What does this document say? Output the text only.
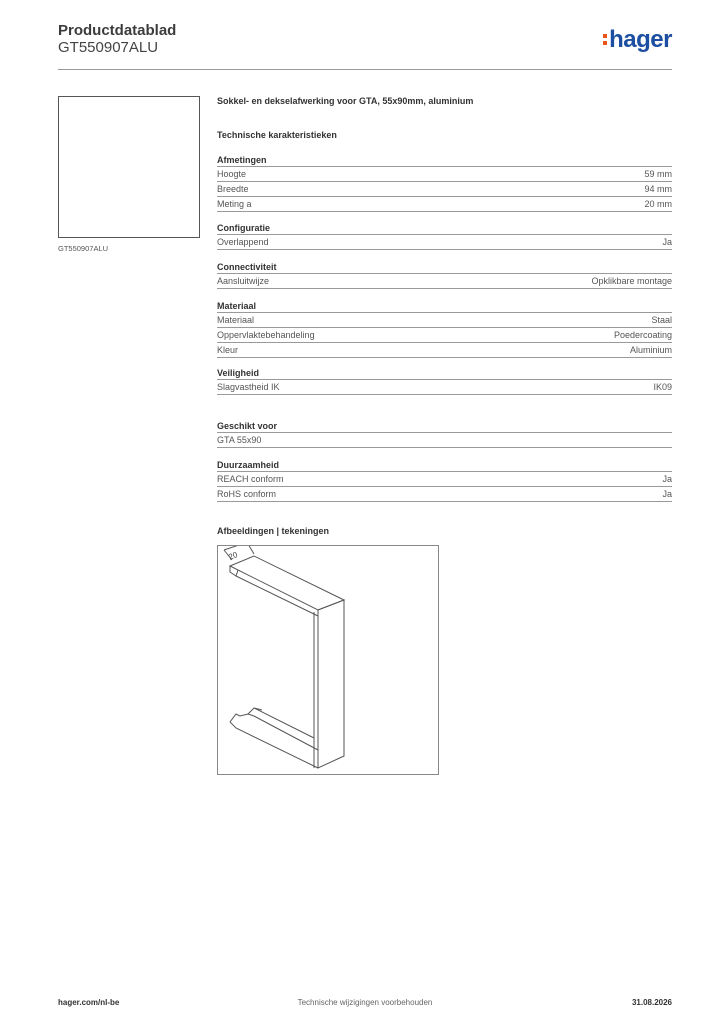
Productdatablad
GT550907ALU	hager
GT550907ALU
Sokkel- en dekselafwerking voor GTA, 55x90mm, aluminium
Technische karakteristieken
Afmetingen
Hoogte	59 mm
Breedte	94 mm
Meting a	20 mm
Configuratie
Overlappend	Ja
Connectiviteit
Aansluitwijze	Opklikbare montage
Materiaal
Materiaal	Staal
Oppervlaktebehandeling	Poedercoating
Kleur	Aluminium
Veiligheid
Slagvastheid IK	IK09
Geschikt voor
GTA 55x90
Duurzaamheid
REACH conform	Ja
RoHS conform	Ja
Afbeeldingen | tekeningen
20
hager.com/nl-be	Technische wijzigingen voorbehouden	31.08.2026
